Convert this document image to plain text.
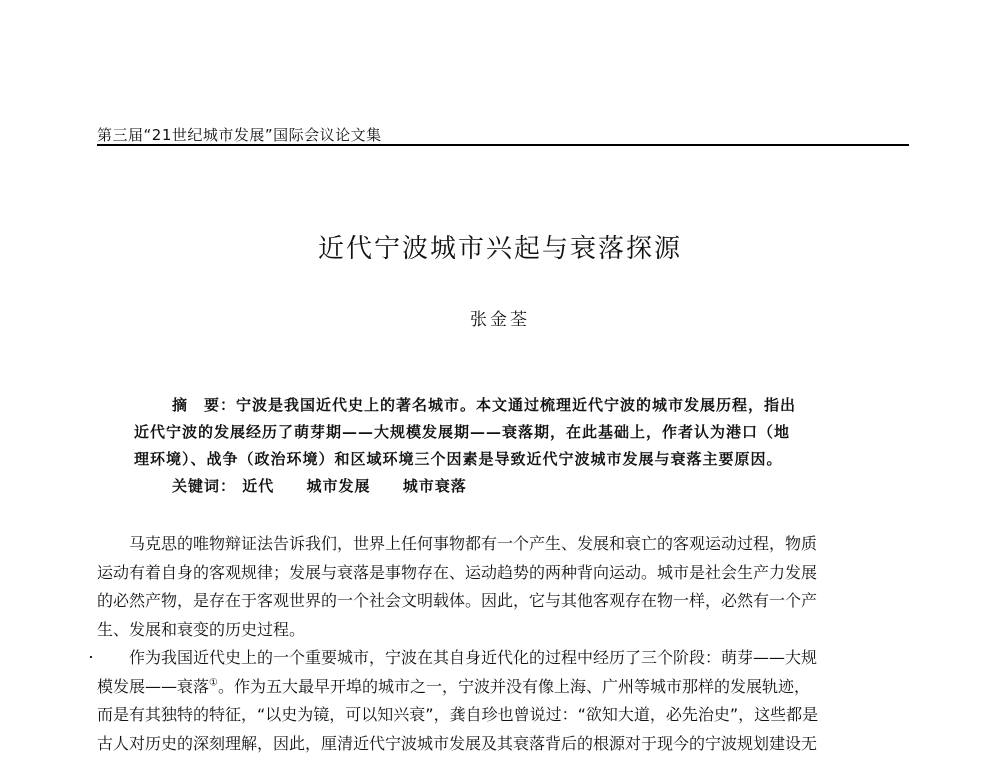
第三届“21世纪城市发展”国际会议论文集
近代宁波城市兴起与衰落探源
张金荃
摘　要：宁波是我国近代史上的著名城市。本文通过梳理近代宁波的城市发展历程，指出
近代宁波的发展经历了萌芽期——大规模发展期——衰落期，在此基础上，作者认为港口（地
理环境）、战争（政治环境）和区域环境三个因素是导致近代宁波城市发展与衰落主要原因。
关键词： 近代 城市发展 城市衰落
马克思的唯物辩证法告诉我们，世界上任何事物都有一个产生、发展和衰亡的客观运动过程，物质
运动有着自身的客观规律；发展与衰落是事物存在、运动趋势的两种背向运动。城市是社会生产力发展
的必然产物，是存在于客观世界的一个社会文明载体。因此，它与其他客观存在物一样，必然有一个产
生、发展和衰变的历史过程。
作为我国近代史上的一个重要城市，宁波在其自身近代化的过程中经历了三个阶段：萌芽——大规
模发展——衰落①。作为五大最早开埠的城市之一，宁波并没有像上海、广州等城市那样的发展轨迹，
而是有其独特的特征，“以史为镜，可以知兴衰”，龚自珍也曾说过：“欲知大道，必先治史”，这些都是
古人对历史的深刻理解，因此，厘清近代宁波城市发展及其衰落背后的根源对于现今的宁波规划建设无
